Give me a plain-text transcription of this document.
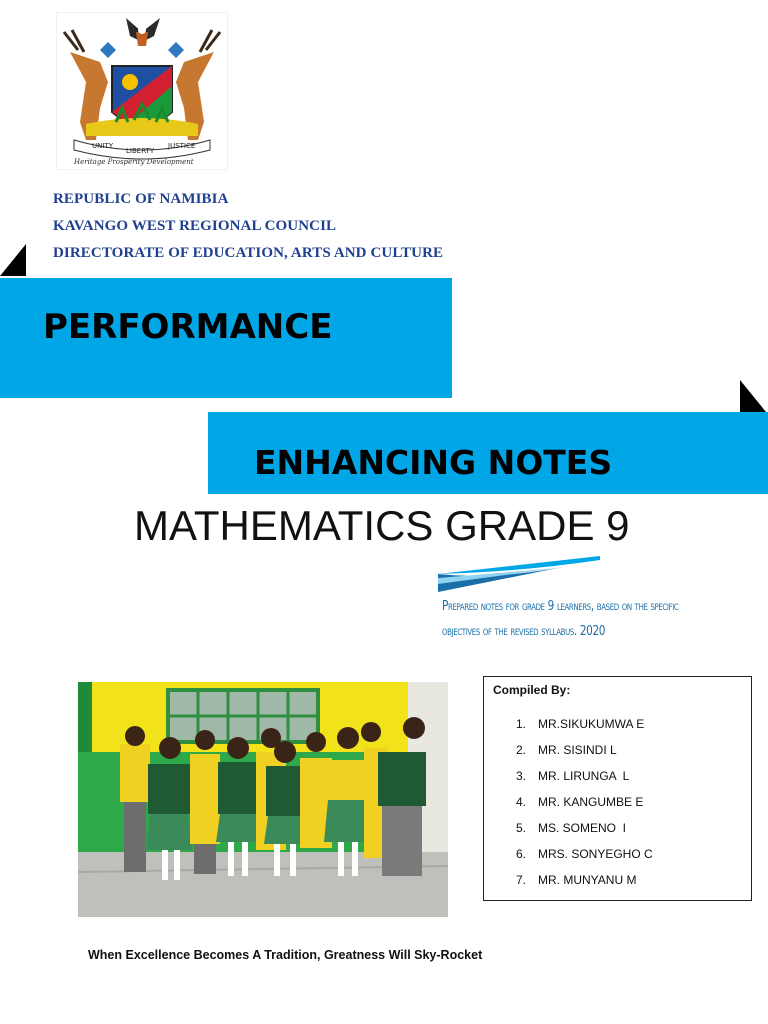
UNITY
LIBERTY
JUSTICE
Heritage Prosperity Development
REPUBLIC OF NAMIBIA
KAVANGO WEST REGIONAL COUNCIL
DIRECTORATE OF EDUCATION, ARTS AND CULTURE
PERFORMANCE
ENHANCING NOTES
MATHEMATICS GRADE 9
Prepared notes for grade 9 learners, based on the specific
objectives of the revised syllabus. 2020
Compiled By:
1. MR.SIKUKUMWA E
2. MR. SISINDI L
3. MR. LIRUNGA  L
4. MR. KANGUMBE E
5. MS. SOMENO  I
6. MRS. SONYEGHO C
7. MR. MUNYANU M
When Excellence Becomes A Tradition, Greatness Will Sky-Rocket
